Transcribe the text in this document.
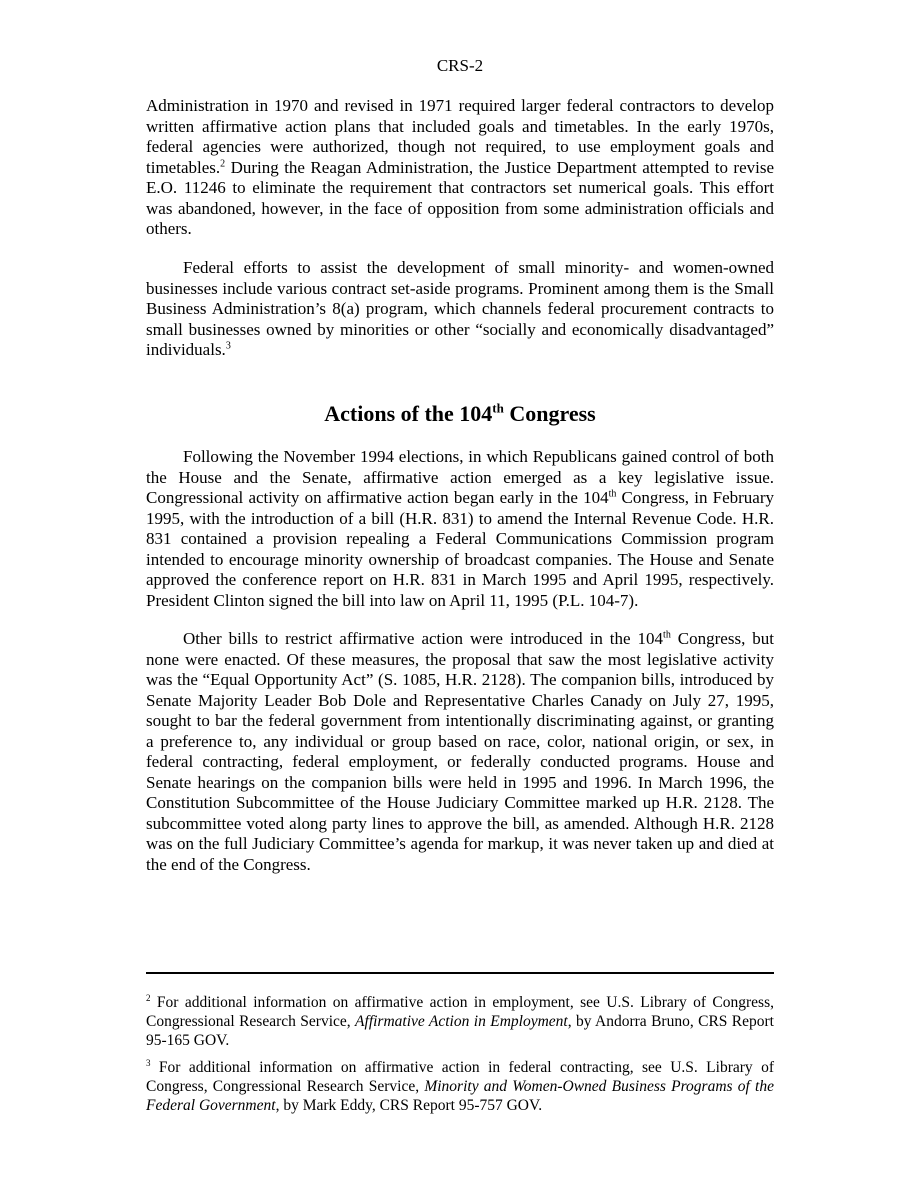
CRS-2

Administration in 1970 and revised in 1971 required larger federal contractors to develop written affirmative action plans that included goals and timetables. In the early 1970s, federal agencies were authorized, though not required, to use employment goals and timetables.$^2$ During the Reagan Administration, the Justice Department attempted to revise E.O. 11246 to eliminate the requirement that contractors set numerical goals. This effort was abandoned, however, in the face of opposition from some administration officials and others.

Federal efforts to assist the development of small minority- and women-owned businesses include various contract set-aside programs. Prominent among them is the Small Business Administration’s 8(a) program, which channels federal procurement contracts to small businesses owned by minorities or other “socially and economically disadvantaged” individuals.$^3$

Actions of the 104th Congress

Following the November 1994 elections, in which Republicans gained control of both the House and the Senate, affirmative action emerged as a key legislative issue. Congressional activity on affirmative action began early in the 104th Congress, in February 1995, with the introduction of a bill (H.R. 831) to amend the Internal Revenue Code. H.R. 831 contained a provision repealing a Federal Communications Commission program intended to encourage minority ownership of broadcast companies. The House and Senate approved the conference report on H.R. 831 in March 1995 and April 1995, respectively. President Clinton signed the bill into law on April 11, 1995 (P.L. 104-7).

Other bills to restrict affirmative action were introduced in the 104th Congress, but none were enacted. Of these measures, the proposal that saw the most legislative activity was the “Equal Opportunity Act” (S. 1085, H.R. 2128). The companion bills, introduced by Senate Majority Leader Bob Dole and Representative Charles Canady on July 27, 1995, sought to bar the federal government from intentionally discriminating against, or granting a preference to, any individual or group based on race, color, national origin, or sex, in federal contracting, federal employment, or federally conducted programs. House and Senate hearings on the companion bills were held in 1995 and 1996. In March 1996, the Constitution Subcommittee of the House Judiciary Committee marked up H.R. 2128. The subcommittee voted along party lines to approve the bill, as amended. Although H.R. 2128 was on the full Judiciary Committee’s agenda for markup, it was never taken up and died at the end of the Congress.

$^2$ For additional information on affirmative action in employment, see U.S. Library of Congress, Congressional Research Service, Affirmative Action in Employment, by Andorra Bruno, CRS Report 95-165 GOV.

$^3$ For additional information on affirmative action in federal contracting, see U.S. Library of Congress, Congressional Research Service, Minority and Women-Owned Business Programs of the Federal Government, by Mark Eddy, CRS Report 95-757 GOV.
